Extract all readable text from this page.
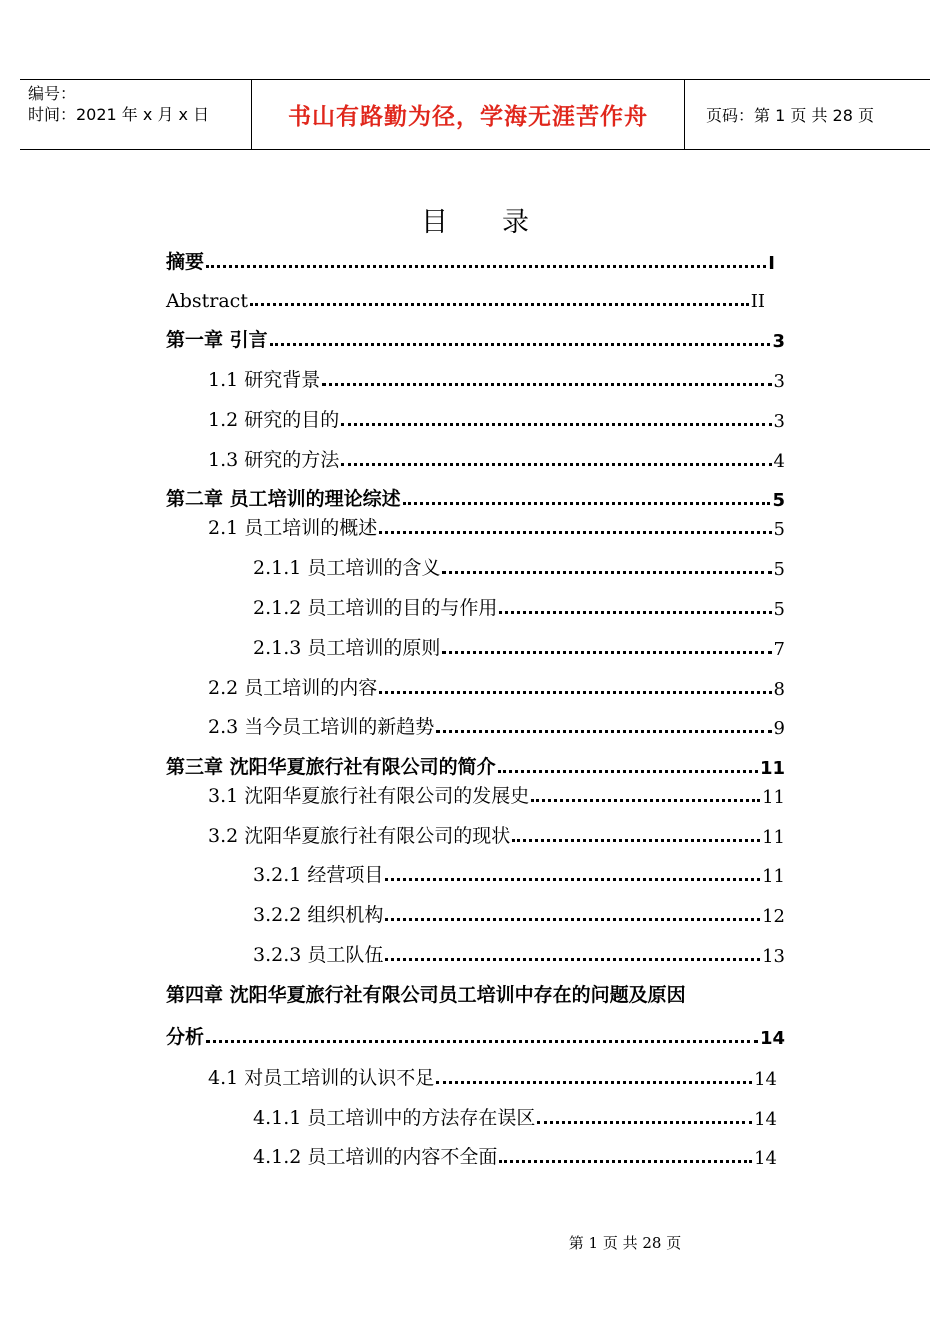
编号：
时间：2021 年 x 月 x 日	书山有路勤为径，学海无涯苦作舟	页码：第 1 页 共 28 页
目录
摘要	I
Abstract	II
第一章 引言	3
1.1 研究背景	3
1.2 研究的目的	3
1.3 研究的方法	4
第二章 员工培训的理论综述	5
2.1 员工培训的概述	5
2.1.1 员工培训的含义	5
2.1.2 员工培训的目的与作用	5
2.1.3 员工培训的原则	7
2.2 员工培训的内容	8
2.3 当今员工培训的新趋势	9
第三章 沈阳华夏旅行社有限公司的简介	11
3.1 沈阳华夏旅行社有限公司的发展史	11
3.2 沈阳华夏旅行社有限公司的现状	11
3.2.1 经营项目	11
3.2.2 组织机构	12
3.2.3 员工队伍	13
第四章 沈阳华夏旅行社有限公司员工培训中存在的问题及原因
分析	14
4.1 对员工培训的认识不足	14
4.1.1 员工培训中的方法存在误区	14
4.1.2 员工培训的内容不全面	14
第 1 页 共 28 页
